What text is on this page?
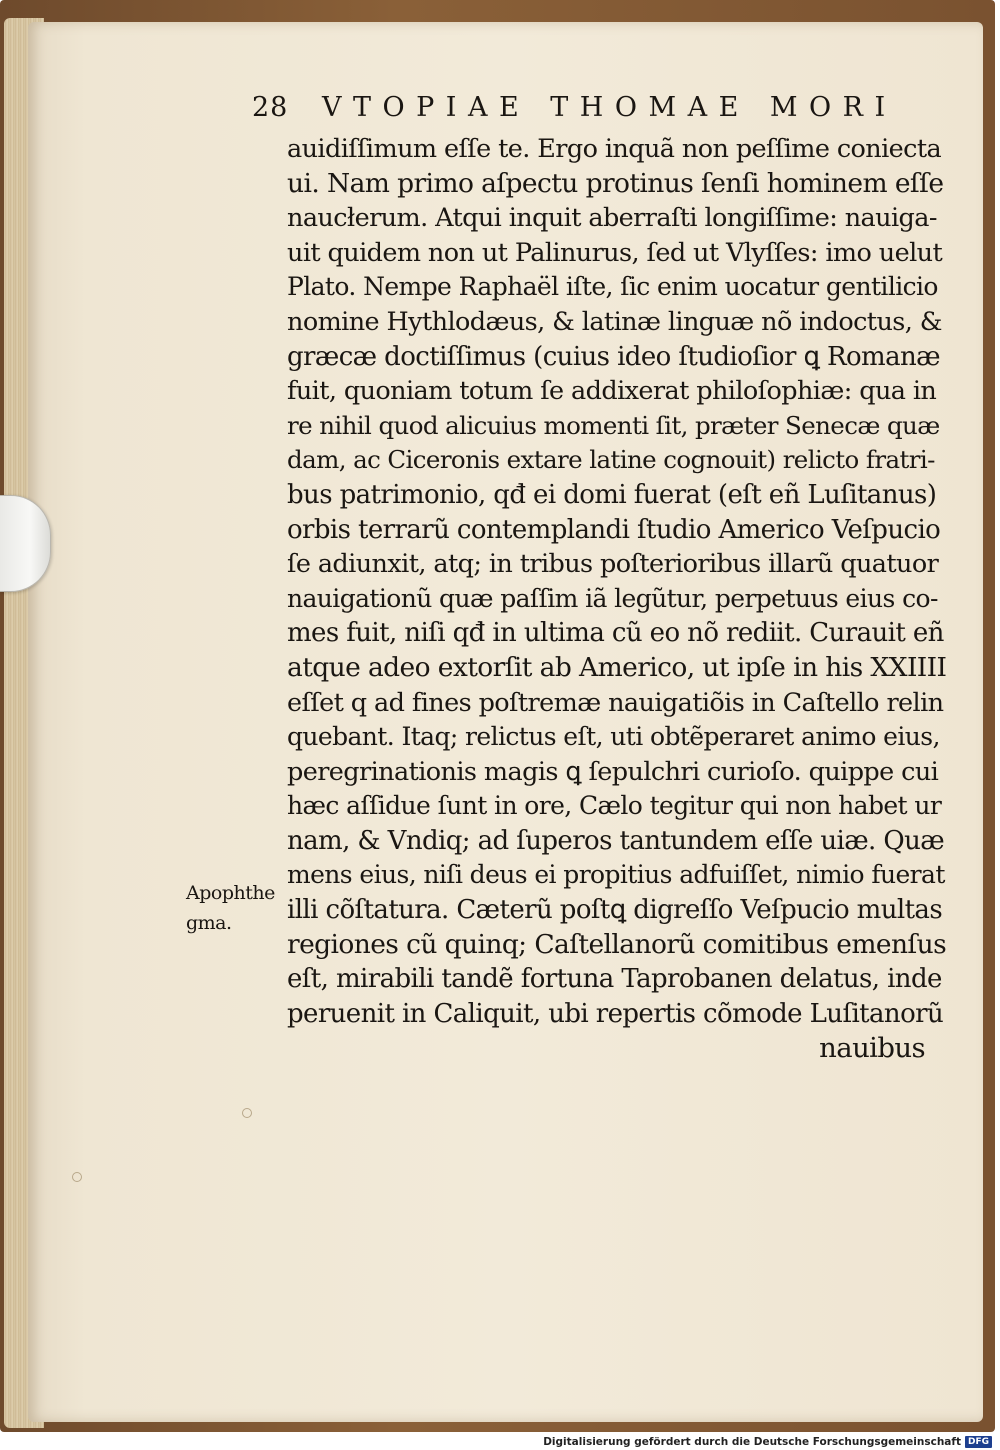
28	VTOPIAE THOMAE MORI
Apophthe
gma.
auidiſſimum eſſe te. Ergo inquã non peſſime coniecta
ui. Nam primo aſpectu protinus ſenſi hominem eſſe
naucłerum. Atqui inquit aberraſti longiſſime: nauiga-
uit quidem non ut Palinurus, ſed ut Vlyſſes: imo uelut
Plato. Nempe Raphaël iſte, ſic enim uocatur gentilicio
nomine Hythlodæus, & latinæ linguæ nõ indoctus, &
græcæ doctiſſimus (cuius ideo ſtudioſior ꝗ Romanæ
fuit, quoniam totum ſe addixerat philoſophiæ: qua in
re nihil quod alicuius momenti ſit, præter Senecæ quæ
dam, ac Ciceronis extare latine cognouit) relicto fratri-
bus patrimonio, qđ ei domi fuerat (eſt eñ Luſitanus)
orbis terrarũ contemplandi ſtudio Americo Veſpucio
ſe adiunxit, atq; in tribus poſterioribus illarũ quatuor
nauigationũ quæ paſſim iã legũtur, perpetuus eius co-
mes fuit, niſi qđ in ultima cũ eo nõ rediit. Curauit eñ
atque adeo extorſit ab Americo, ut ipſe in his XXIIII
eſſet q ad fines poſtremæ nauigatiõis in Caſtello relin
quebant. Itaq; relictus eſt, uti obtẽperaret animo eius,
peregrinationis magis ꝗ ſepulchri curioſo. quippe cui
hæc aſſidue ſunt in ore, Cælo tegitur qui non habet ur
nam, & Vndiq; ad ſuperos tantundem eſſe uiæ. Quæ
mens eius, niſi deus ei propitius adfuiſſet, nimio fuerat
illi cõſtatura. Cæterũ poſtꝗ digreſſo Veſpucio multas
regiones cũ quinq; Caſtellanorũ comitibus emenſus
eſt, mirabili tandẽ fortuna Taprobanen delatus, inde
peruenit in Caliquit, ubi repertis cõmode Luſitanorũ
nauibus
Digitalisierung gefördert durch die Deutsche Forschungsgemeinschaft DFG
